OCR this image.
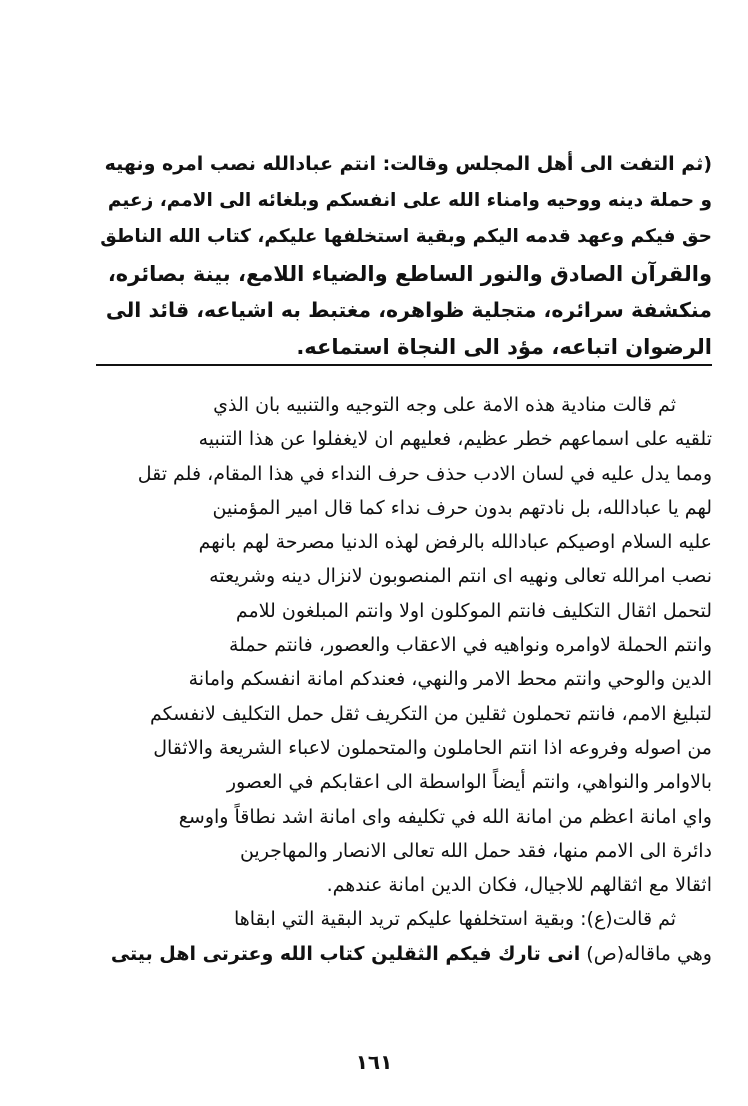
(ثم التفت الى أهل المجلس وقالت: انتم عبادالله نصب امره ونهيه
و حملة دينه ووحيه وامناء الله على انفسكم وبلغائه الى الامم، زعيم
حق فيكم وعهد قدمه اليكم وبقية استخلفها عليكم، كتاب الله الناطق
والقرآن الصادق والنور الساطع والضياء اللامع، بينة بصائره،
منكشفة سرائره، متجلية ظواهره، مغتبط به اشياعه، قائد الى
الرضوان اتباعه، مؤد الى النجاة استماعه.
ثم قالت منادية هذه الامة على وجه التوجيه والتنبيه بان الذي
تلقيه على اسماعهم خطر عظيم، فعليهم ان لايغفلوا عن هذا التنبيه
ومما يدل عليه في لسان الادب حذف حرف النداء في هذا المقام، فلم تقل
لهم يا عبادالله، بل نادتهم بدون حرف نداء كما قال امير المؤمنين
عليه السلام اوصيكم عبادالله بالرفض لهذه الدنيا مصرحة لهم بانهم
نصب امرالله تعالى ونهيه اى انتم المنصوبون لانزال دينه وشريعته
لتحمل اثقال التكليف فانتم الموكلون اولا وانتم المبلغون للامم
وانتم الحملة لاوامره ونواهيه في الاعقاب والعصور، فانتم حملة
الدين والوحي وانتم محط الامر والنهي، فعندكم امانة انفسكم وامانة
لتبليغ الامم، فانتم تحملون ثقلين من التكريف ثقل حمل التكليف لانفسكم
من اصوله وفروعه اذا انتم الحاملون والمتحملون لاعباء الشريعة والاثقال
بالاوامر والنواهي، وانتم أيضاً الواسطة الى اعقابكم في العصور
واي امانة اعظم من امانة الله في تكليفه واى امانة اشد نطاقاً واوسع
دائرة الى الامم منها، فقد حمل الله تعالى الانصار والمهاجرين
اثقالا مع اثقالهم للاجيال، فكان الدين امانة عندهم.
ثم قالت(ع): وبقية استخلفها عليكم تريد البقية التي ابقاها
وهي ماقاله(ص) انى تارك فيكم الثقلين كتاب الله وعترتى اهل بيتى
١٦١
